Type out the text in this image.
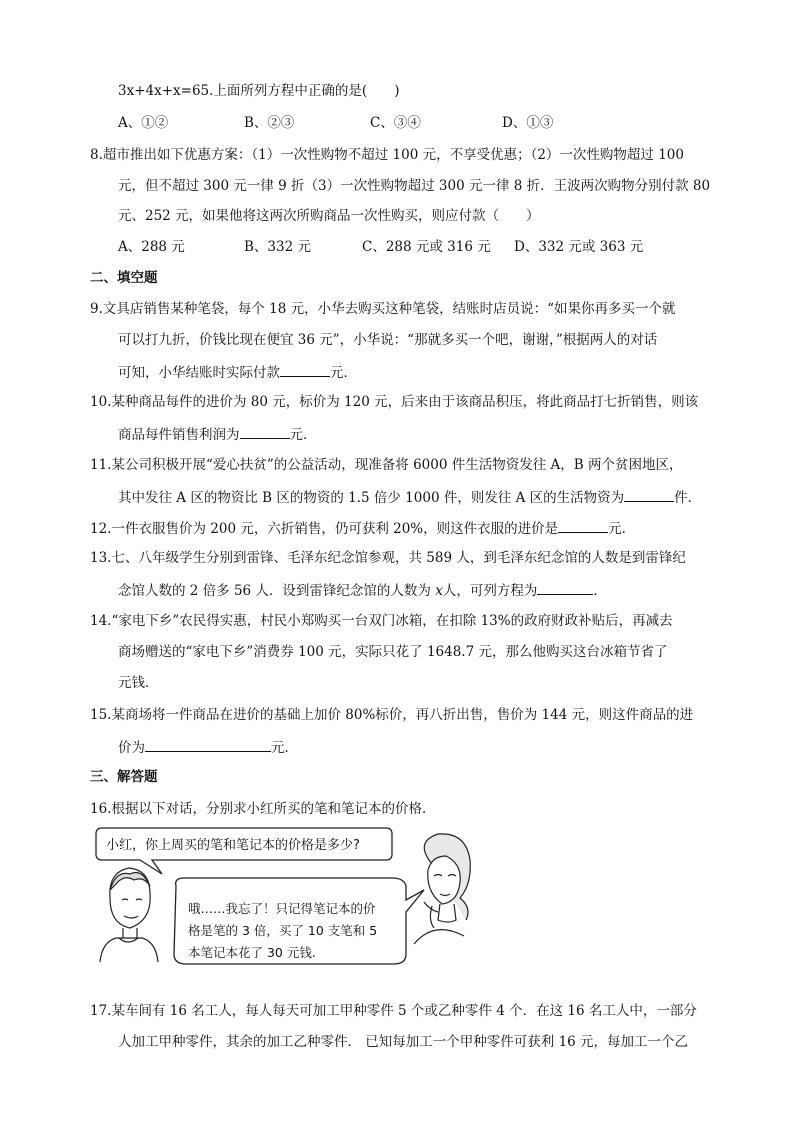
3x+4x+x=65.上面所列方程中正确的是(　　)
A、①②	B、②③	C、③④	D、①③
8.超市推出如下优惠方案：（1）一次性购物不超过 100 元，不享受优惠；（2）一次性购物超过 100
元，但不超过 300 元一律 9 折（3）一次性购物超过 300 元一律 8 折．王波两次购物分别付款 80
元、252 元，如果他将这两次所购商品一次性购买，则应付款（　　）
A、288 元	B、332 元	C、288 元或 316 元 D、332 元或 363 元
二、填空题
9.文具店销售某种笔袋，每个 18 元，小华去购买这种笔袋，结账时店员说：“如果你再多买一个就
可以打九折，价钱比现在便宜 36 元”，小华说：“那就多买一个吧，谢谢，”根据两人的对话
可知，小华结账时实际付款	元．
10.某种商品每件的进价为 80 元，标价为 120 元，后来由于该商品积压，将此商品打七折销售，则该
商品每件销售利润为	元．
11.某公司积极开展“爱心扶贫”的公益活动，现准备将 6000 件生活物资发往 A，B 两个贫困地区，
其中发往 A 区的物资比 B 区的物资的 1.5 倍少 1000 件，则发往 A 区的生活物资为	件．
12.一件衣服售价为 200 元，六折销售，仍可获利 20%，则这件衣服的进价是	元．
13.七、八年级学生分别到雷锋、毛泽东纪念馆参观，共 589 人，到毛泽东纪念馆的人数是到雷锋纪
念馆人数的 2 倍多 56 人．设到雷锋纪念馆的人数为 x人，可列方程为	．
14.“家电下乡”农民得实惠，村民小郑购买一台双门冰箱，在扣除 13%的政府财政补贴后，再减去
商场赠送的“家电下乡”消费券 100 元，实际只花了 1648.7 元，那么他购买这台冰箱节省了
元钱．
15.某商场将一件商品在进价的基础上加价 80%标价，再八折出售，售价为 144 元，则这件商品的进
价为	元．
三、解答题
16.根据以下对话，分别求小红所买的笔和笔记本的价格．
小红，你上周买的笔和笔记本的价格是多少?
哦……我忘了！只记得笔记本的价
格是笔的 3 倍，买了 10 支笔和 5
本笔记本花了 30 元钱.
17.某车间有 16 名工人，每人每天可加工甲种零件 5 个或乙种零件 4 个．在这 16 名工人中，一部分
人加工甲种零件，其余的加工乙种零件． 已知每加工一个甲种零件可获利 16 元，每加工一个乙
